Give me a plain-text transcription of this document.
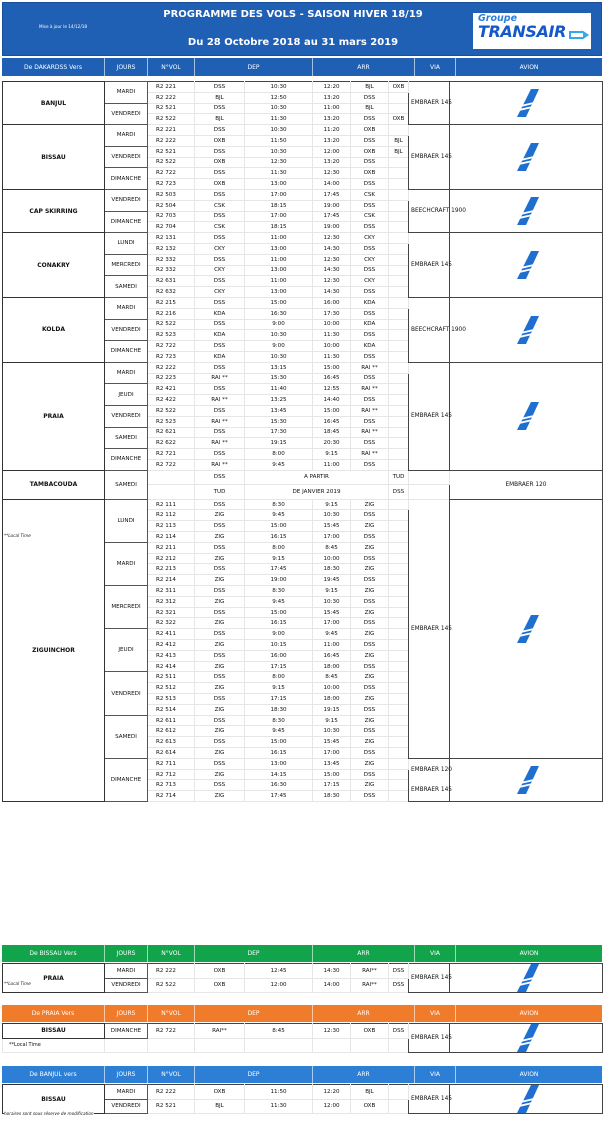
Mise à jour le 14/12/18
PROGRAMME DES VOLS - SAISON HIVER 18/19
Du 28 Octobre 2018 au 31 mars 2019
Groupe
TRANSAIR
De DAKARDSS Vers	JOURS	N°VOL	DEP	ARR	VIA	AVION
BANJUL	MARDI	R2 221	DSS	10:30	12:20	BJL	OXB	EMBRAER 145	
		R2 222	BJL	12:50	13:20	DSS				
	VENDREDI	R2 521	DSS	10:30	11:00	BJL				
		R2 522	BJL	11:30	13:20	DSS	OXB			
BISSAU	MARDI	R2 221	DSS	10:30	11:20	OXB		EMBRAER 145	
		R2 222	OXB	11:50	13:20	DSS	BJL			
	VENDREDI	R2 521	DSS	10:30	12:00	OXB	BJL			
		R2 522	OXB	12:30	13:20	DSS				
	DIMANCHE	R2 722	DSS	11:30	12:30	OXB				
		R2 723	OXB	13:00	14:00	DSS				
CAP SKIRRING	VENDREDI	R2 503	DSS	17:00	17:45	CSK		BEECHCRAFT 1900	
		R2 504	CSK	18:15	19:00	DSS				
	DIMANCHE	R2 703	DSS	17:00	17:45	CSK				
		R2 704	CSK	18:15	19:00	DSS				
CONAKRY	LUNDI	R2 131	DSS	11:00	12:30	CKY		EMBRAER 145	
		R2 132	CKY	13:00	14:30	DSS				
	MERCREDI	R2 332	DSS	11:00	12:30	CKY				
		R2 332	CKY	13:00	14:30	DSS				
	SAMEDI	R2 631	DSS	11:00	12:30	CKY				
		R2 632	CKY	13:00	14:30	DSS				
KOLDA	MARDI	R2 215	DSS	15:00	16:00	KDA		BEECHCRAFT 1900	
		R2 216	KDA	16:30	17:30	DSS				
	VENDREDI	R2 522	DSS	9:00	10:00	KDA				
		R2 523	KDA	10:30	11:30	DSS				
	DIMANCHE	R2 722	DSS	9:00	10:00	KDA				
		R2 723	KDA	10:30	11:30	DSS				
PRAIA	MARDI	R2 222	DSS	13:15	15:00	RAI **		EMBRAER 145	
		R2 223	RAI **	15:30	16:45	DSS				
	JEUDI	R2 421	DSS	11:40	12:55	RAI **				
		R2 422	RAI **	13:25	14:40	DSS				
	VENDREDI	R2 522	DSS	13:45	15:00	RAI **				
		R2 523	RAI **	15:30	16:45	DSS				
	SAMEDI	R2 621	DSS	17:30	18:45	RAI **				
		R2 622	RAI **	19:15	20:30	DSS				
	DIMANCHE	R2 721	DSS	8:00	9:15	RAI **				
		R2 722	RAI **	9:45	11:00	DSS				
TAMBACOUDA	SAMEDI		DSS	A PARTIR			TUD		EMBRAER 120	
			TUD	DE JANVIER 2019			DSS			
ZIGUINCHOR	LUNDI	R2 111	DSS	8:30	9:15	ZIG		EMBRAER 145	
		R2 112	ZIG	9:45	10:30	DSS				
		R2 113	DSS	15:00	15:45	ZIG				
		R2 114	ZIG	16:15	17:00	DSS				
	MARDI	R2 211	DSS	8:00	8:45	ZIG				
		R2 212	ZIG	9:15	10:00	DSS				
		R2 213	DSS	17:45	18:30	ZIG				
		R2 214	ZIG	19:00	19:45	DSS				
	MERCREDI	R2 311	DSS	8:30	9:15	ZIG				
		R2 312	ZIG	9:45	10:30	DSS				
		R2 321	DSS	15:00	15:45	ZIG				
		R2 322	ZIG	16:15	17:00	DSS				
	JEUDI	R2 411	DSS	9:00	9:45	ZIG				
		R2 412	ZIG	10:15	11:00	DSS				
		R2 413	DSS	16:00	16:45	ZIG				
		R2 414	ZIG	17:15	18:00	DSS				
	VENDREDI	R2 511	DSS	8:00	8:45	ZIG				
		R2 512	ZIG	9:15	10:00	DSS				
		R2 513	DSS	17:15	18:00	ZIG				
		R2 514	ZIG	18:30	19:15	DSS				
	SAMEDI	R2 611	DSS	8:30	9:15	ZIG				
		R2 612	ZIG	9:45	10:30	DSS				
		R2 613	DSS	15:00	15:45	ZIG				
		R2 614	ZIG	16:15	17:00	DSS				
	DIMANCHE	R2 711	DSS	13:00	13:45	ZIG		EMBRAER 120
EMBRAER 145

		R2 712	ZIG	14:15	15:00	DSS				
		R2 713	DSS	16:30	17:15	ZIG				
		R2 714	ZIG	17:45	18:30	DSS				
De BISSAU Vers	JOURS	N°VOL	DEP	ARR	VIA	AVION
PRAIA	MARDI	R2 222	OXB	12:45	14:30	RAI**	DSS	EMBRAER 145	
	VENDREDI	R2 522	OXB	12:00	14:00	RAI**	DSS		
De PRAIA Vers	JOURS	N°VOL	DEP	ARR	VIA	AVION
BISSAU	DIMANCHE	R2 722	RAI**	8:45	12:30	OXB	DSS	EMBRAER 145	
**Local Time									
De BANJUL vers	JOURS	N°VOL	DEP	ARR	VIA	AVION
BISSAU	MARDI	R2 222	OXB	11:50	12:20	BJL		EMBRAER 145	
	VENDREDI	R2 521	BJL	11:30	12:00	OXB			
**Local Time
**Local Time
horaires sont sous réserve de modification
